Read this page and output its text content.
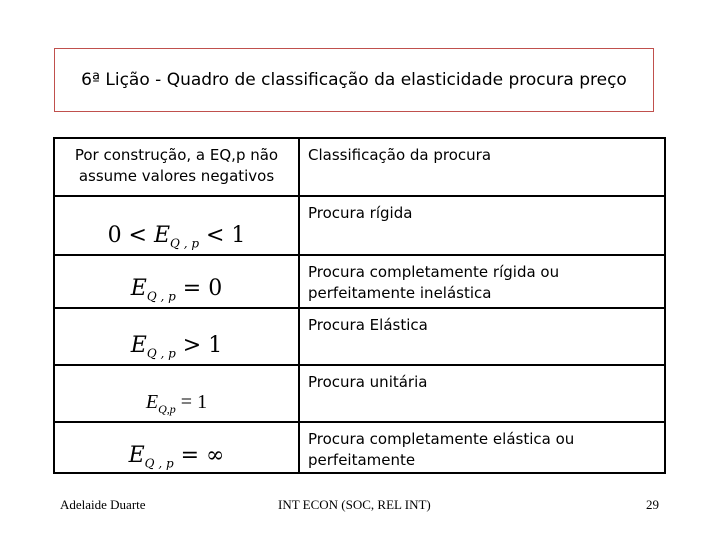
6ª Lição - Quadro de classificação da elasticidade procura preço
Por construção, a EQ,p não assume valores negativos
Classificação da procura
$0 < E_{Q , p} < 1$
Procura rígida
$E_{Q , p} = 0$
Procura completamente rígida ou perfeitamente inelástica
$E_{Q , p} > 1$
Procura Elástica
$E_{Q,p} = 1$
Procura unitária
$E_{Q , p}$ = ∞
Procura completamente elástica ou perfeitamente
Adelaide Duarte	INT ECON (SOC, REL INT)	29
